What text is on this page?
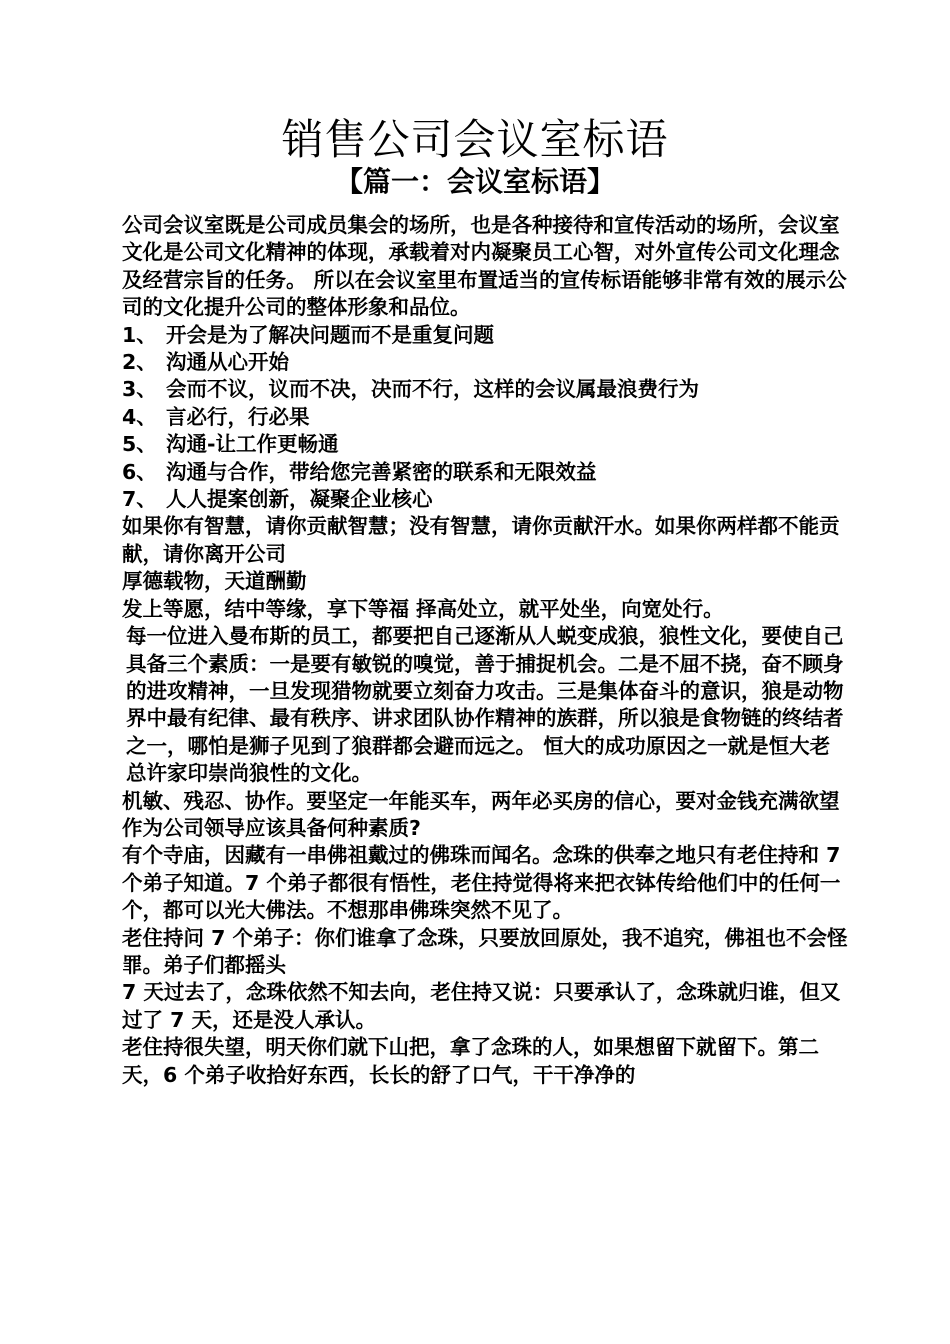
销售公司会议室标语
【篇一：会议室标语】

公司会议室既是公司成员集会的场所，也是各种接待和宣传活动的场所，会议室文化是公司文化精神的体现，承载着对内凝聚员工心智，对外宣传公司文化理念及经营宗旨的任务。 所以在会议室里布置适当的宣传标语能够非常有效的展示公司的文化提升公司的整体形象和品位。

1、 开会是为了解决问题而不是重复问题

2、 沟通从心开始

3、 会而不议，议而不决，决而不行，这样的会议属最浪费行为

4、 言必行，行必果

5、 沟通-让工作更畅通

6、 沟通与合作，带给您完善紧密的联系和无限效益

7、 人人提案创新，凝聚企业核心

如果你有智慧，请你贡献智慧；没有智慧，请你贡献汗水。如果你两样都不能贡献，请你离开公司

厚德载物，天道酬勤

发上等愿，结中等缘，享下等福 择高处立，就平处坐，向宽处行。

每一位进入曼布斯的员工，都要把自己逐渐从人蜕变成狼，狼性文化，要使自己具备三个素质：一是要有敏锐的嗅觉，善于捕捉机会。二是不屈不挠，奋不顾身的进攻精神，一旦发现猎物就要立刻奋力攻击。三是集体奋斗的意识，狼是动物界中最有纪律、最有秩序、讲求团队协作精神的族群，所以狼是食物链的终结者之一，哪怕是狮子见到了狼群都会避而远之。 恒大的成功原因之一就是恒大老总许家印崇尚狼性的文化。

机敏、残忍、协作。要坚定一年能买车，两年必买房的信心，要对金钱充满欲望

作为公司领导应该具备何种素质?

有个寺庙，因藏有一串佛祖戴过的佛珠而闻名。念珠的供奉之地只有老住持和 7 个弟子知道。7 个弟子都很有悟性，老住持觉得将来把衣钵传给他们中的任何一个，都可以光大佛法。不想那串佛珠突然不见了。

老住持问 7 个弟子：你们谁拿了念珠，只要放回原处，我不追究，佛祖也不会怪罪。弟子们都摇头

7 天过去了，念珠依然不知去向，老住持又说：只要承认了，念珠就归谁，但又过了 7 天，还是没人承认。

老住持很失望，明天你们就下山把，拿了念珠的人，如果想留下就留下。第二天，6 个弟子收拾好东西，长长的舒了口气，干干净净的
